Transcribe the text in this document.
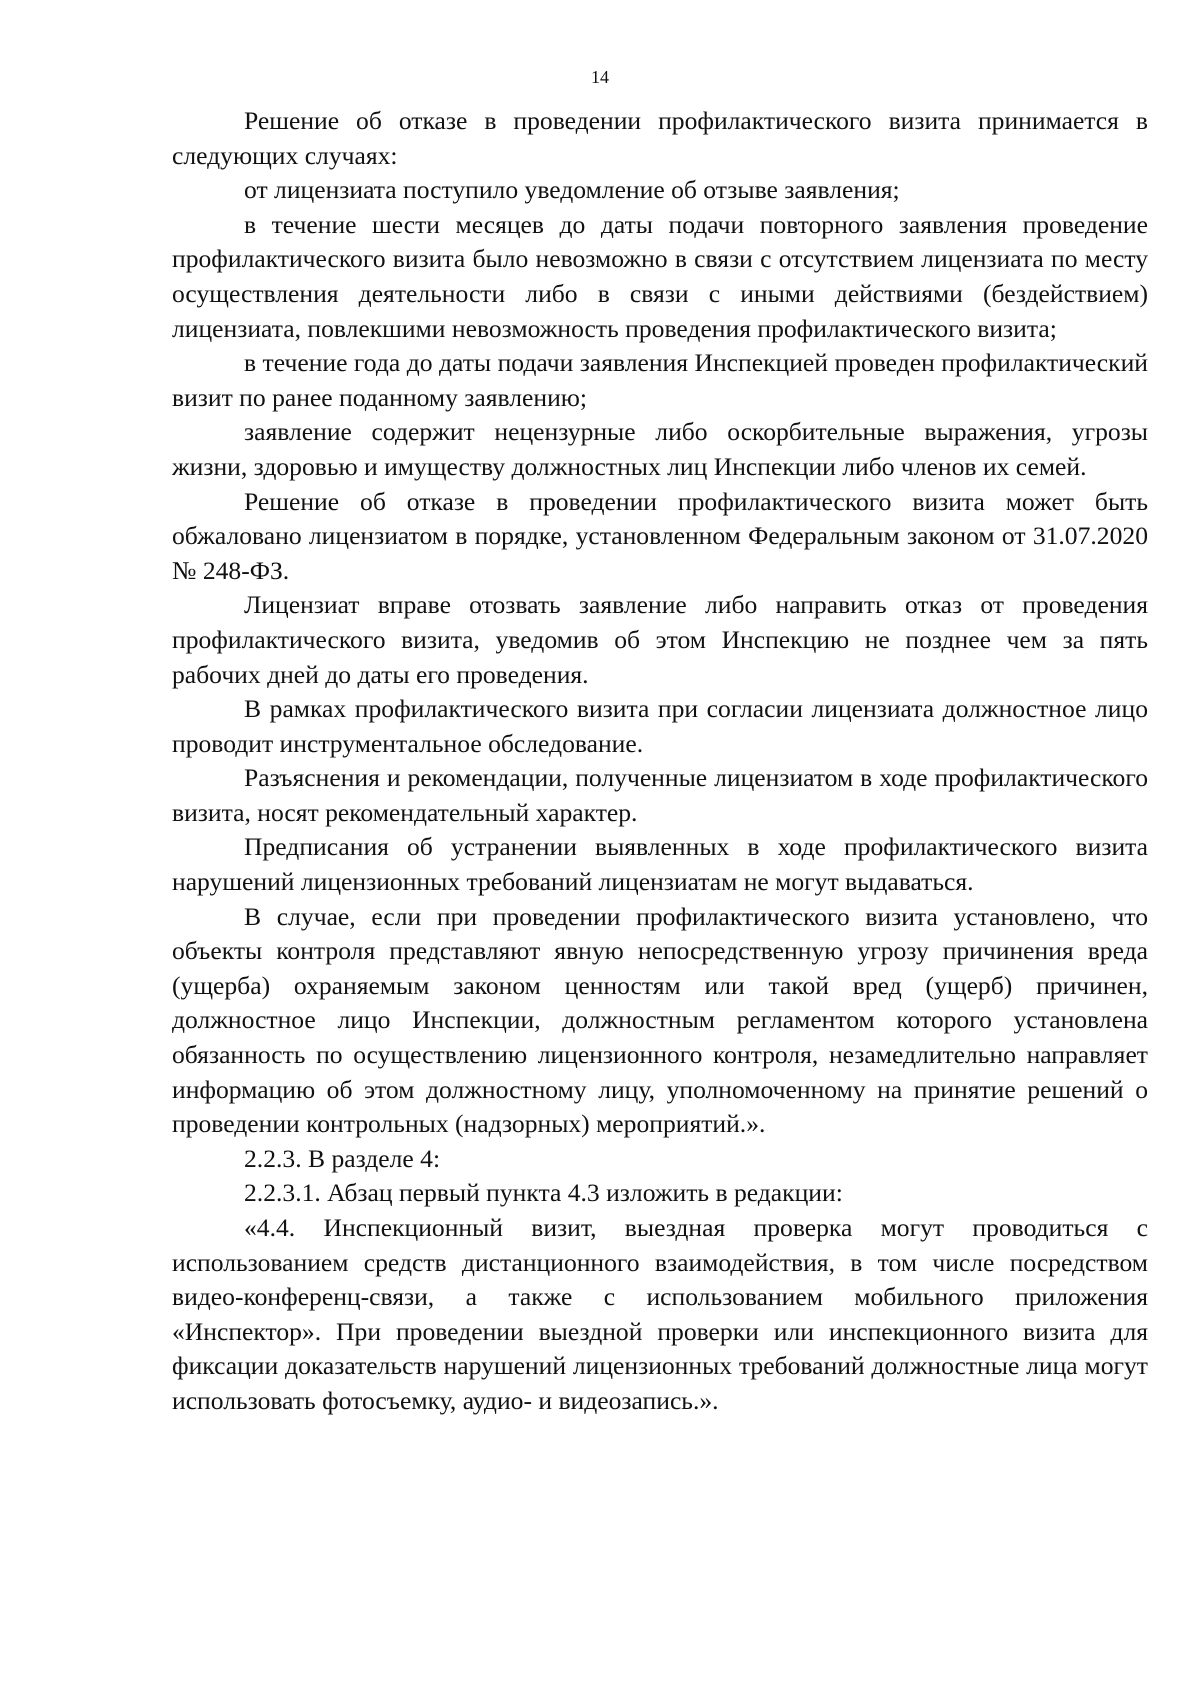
14

Решение об отказе в проведении профилактического визита принимается в следующих случаях:

от лицензиата поступило уведомление об отзыве заявления;

в течение шести месяцев до даты подачи повторного заявления проведение профилактического визита было невозможно в связи с отсутствием лицензиата по месту осуществления деятельности либо в связи с иными действиями (бездействием) лицензиата, повлекшими невозможность проведения профилактического визита;

в течение года до даты подачи заявления Инспекцией проведен профилактический визит по ранее поданному заявлению;

заявление содержит нецензурные либо оскорбительные выражения, угрозы жизни, здоровью и имуществу должностных лиц Инспекции либо членов их семей.

Решение об отказе в проведении профилактического визита может быть обжаловано лицензиатом в порядке, установленном Федеральным законом от 31.07.2020 № 248-ФЗ.

Лицензиат вправе отозвать заявление либо направить отказ от проведения профилактического визита, уведомив об этом Инспекцию не позднее чем за пять рабочих дней до даты его проведения.

В рамках профилактического визита при согласии лицензиата должностное лицо проводит инструментальное обследование.

Разъяснения и рекомендации, полученные лицензиатом в ходе профилактического визита, носят рекомендательный характер.

Предписания об устранении выявленных в ходе профилактического визита нарушений лицензионных требований лицензиатам не могут выдаваться.

В случае, если при проведении профилактического визита установлено, что объекты контроля представляют явную непосредственную угрозу причинения вреда (ущерба) охраняемым законом ценностям или такой вред (ущерб) причинен, должностное лицо Инспекции, должностным регламентом которого установлена обязанность по осуществлению лицензионного контроля, незамедлительно направляет информацию об этом должностному лицу, уполномоченному на принятие решений о проведении контрольных (надзорных) мероприятий.».

2.2.3. В разделе 4:

2.2.3.1. Абзац первый пункта 4.3 изложить в редакции:

«4.4. Инспекционный визит, выездная проверка могут проводиться с использованием средств дистанционного взаимодействия, в том числе посредством видео-конференц-связи, а также с использованием мобильного приложения «Инспектор». При проведении выездной проверки или инспекционного визита для фиксации доказательств нарушений лицензионных требований должностные лица могут использовать фотосъемку, аудио- и видеозапись.».
